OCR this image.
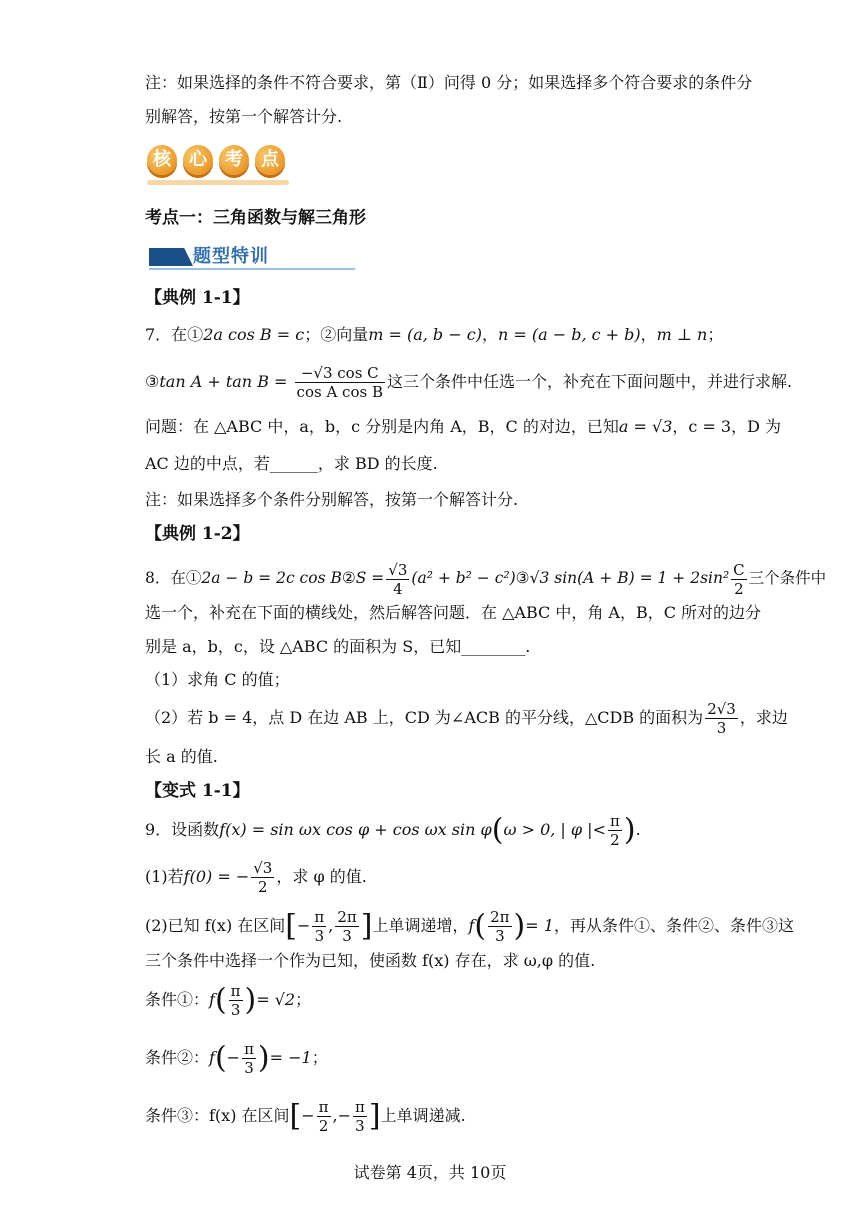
注：如果选择的条件不符合要求，第（Ⅱ）问得 0 分；如果选择多个符合要求的条件分
别解答，按第一个解答计分.
核	心	考	点
考点一：三角函数与解三角形
题型特训
【典例 1-1】
7．在①2a cos B = c；②向量m = (a, b − c)，n = (a − b, c + b)，m ⊥ n；
③tan $A + \tan B = \frac{\text{−√3 cos C}}{\text{cos A cos B}}$ 这三个条件中任选一个，补充在下面问题中，并进行求解.
问题：在 △ABC 中，a，b，c 分别是内角 A，B，C 的对边，已知a = √3，c = 3，D 为
AC 边的中点，若______，求 BD 的长度.
注：如果选择多个条件分别解答，按第一个解答计分.
【典例 1-2】
8．在①2a − b = 2c cos B②S = $\frac{√3}{4} (a^2 + b^2$ − c²)③√3 $\sin(A + B) = 1 + 2\sin^2 \frac{C}{2}$ 三个条件中
选一个，补充在下面的横线处，然后解答问题．在 △ABC 中，角 A，B，C 所对的边分
别是 a，b，c，设 △ABC 的面积为 S，已知________.
（1）求角 C 的值；
（2）若 b = 4，点 D 在边 AB 上，CD 为∠ACB 的平分线，△CDB 的面积为 $\frac{2√3}{3}$ ，求边
长 a 的值.
【变式 1-1】
9．设函数f(x) = sin ωx cos φ + cos ωx sin φ(ω > 0, | φ |< $\frac{\pi}{2}$ ).
(1)若f(0) = − $\frac{√3}{2}$ ，求 φ 的值.
(2)已知 f(x) 在区间[− $\frac{\pi}{3}$ , $\frac{2\pi}{3}$ ]上单调递增，$f( \frac{2\pi}{3}$ )= 1，再从条件①、条件②、条件③这
三个条件中选择一个作为已知，使函数 f(x) 存在，求 ω,φ 的值.
条件①：$f( \frac{\pi}{3}$ )= √2；
条件②：$f(- \frac{\pi}{3}$ )= −1；
条件③：f(x) 在区间[− $\frac{\pi}{2}$ ,− $\frac{\pi}{3}$ ]上单调递减.
试卷第 4页，共 10页
